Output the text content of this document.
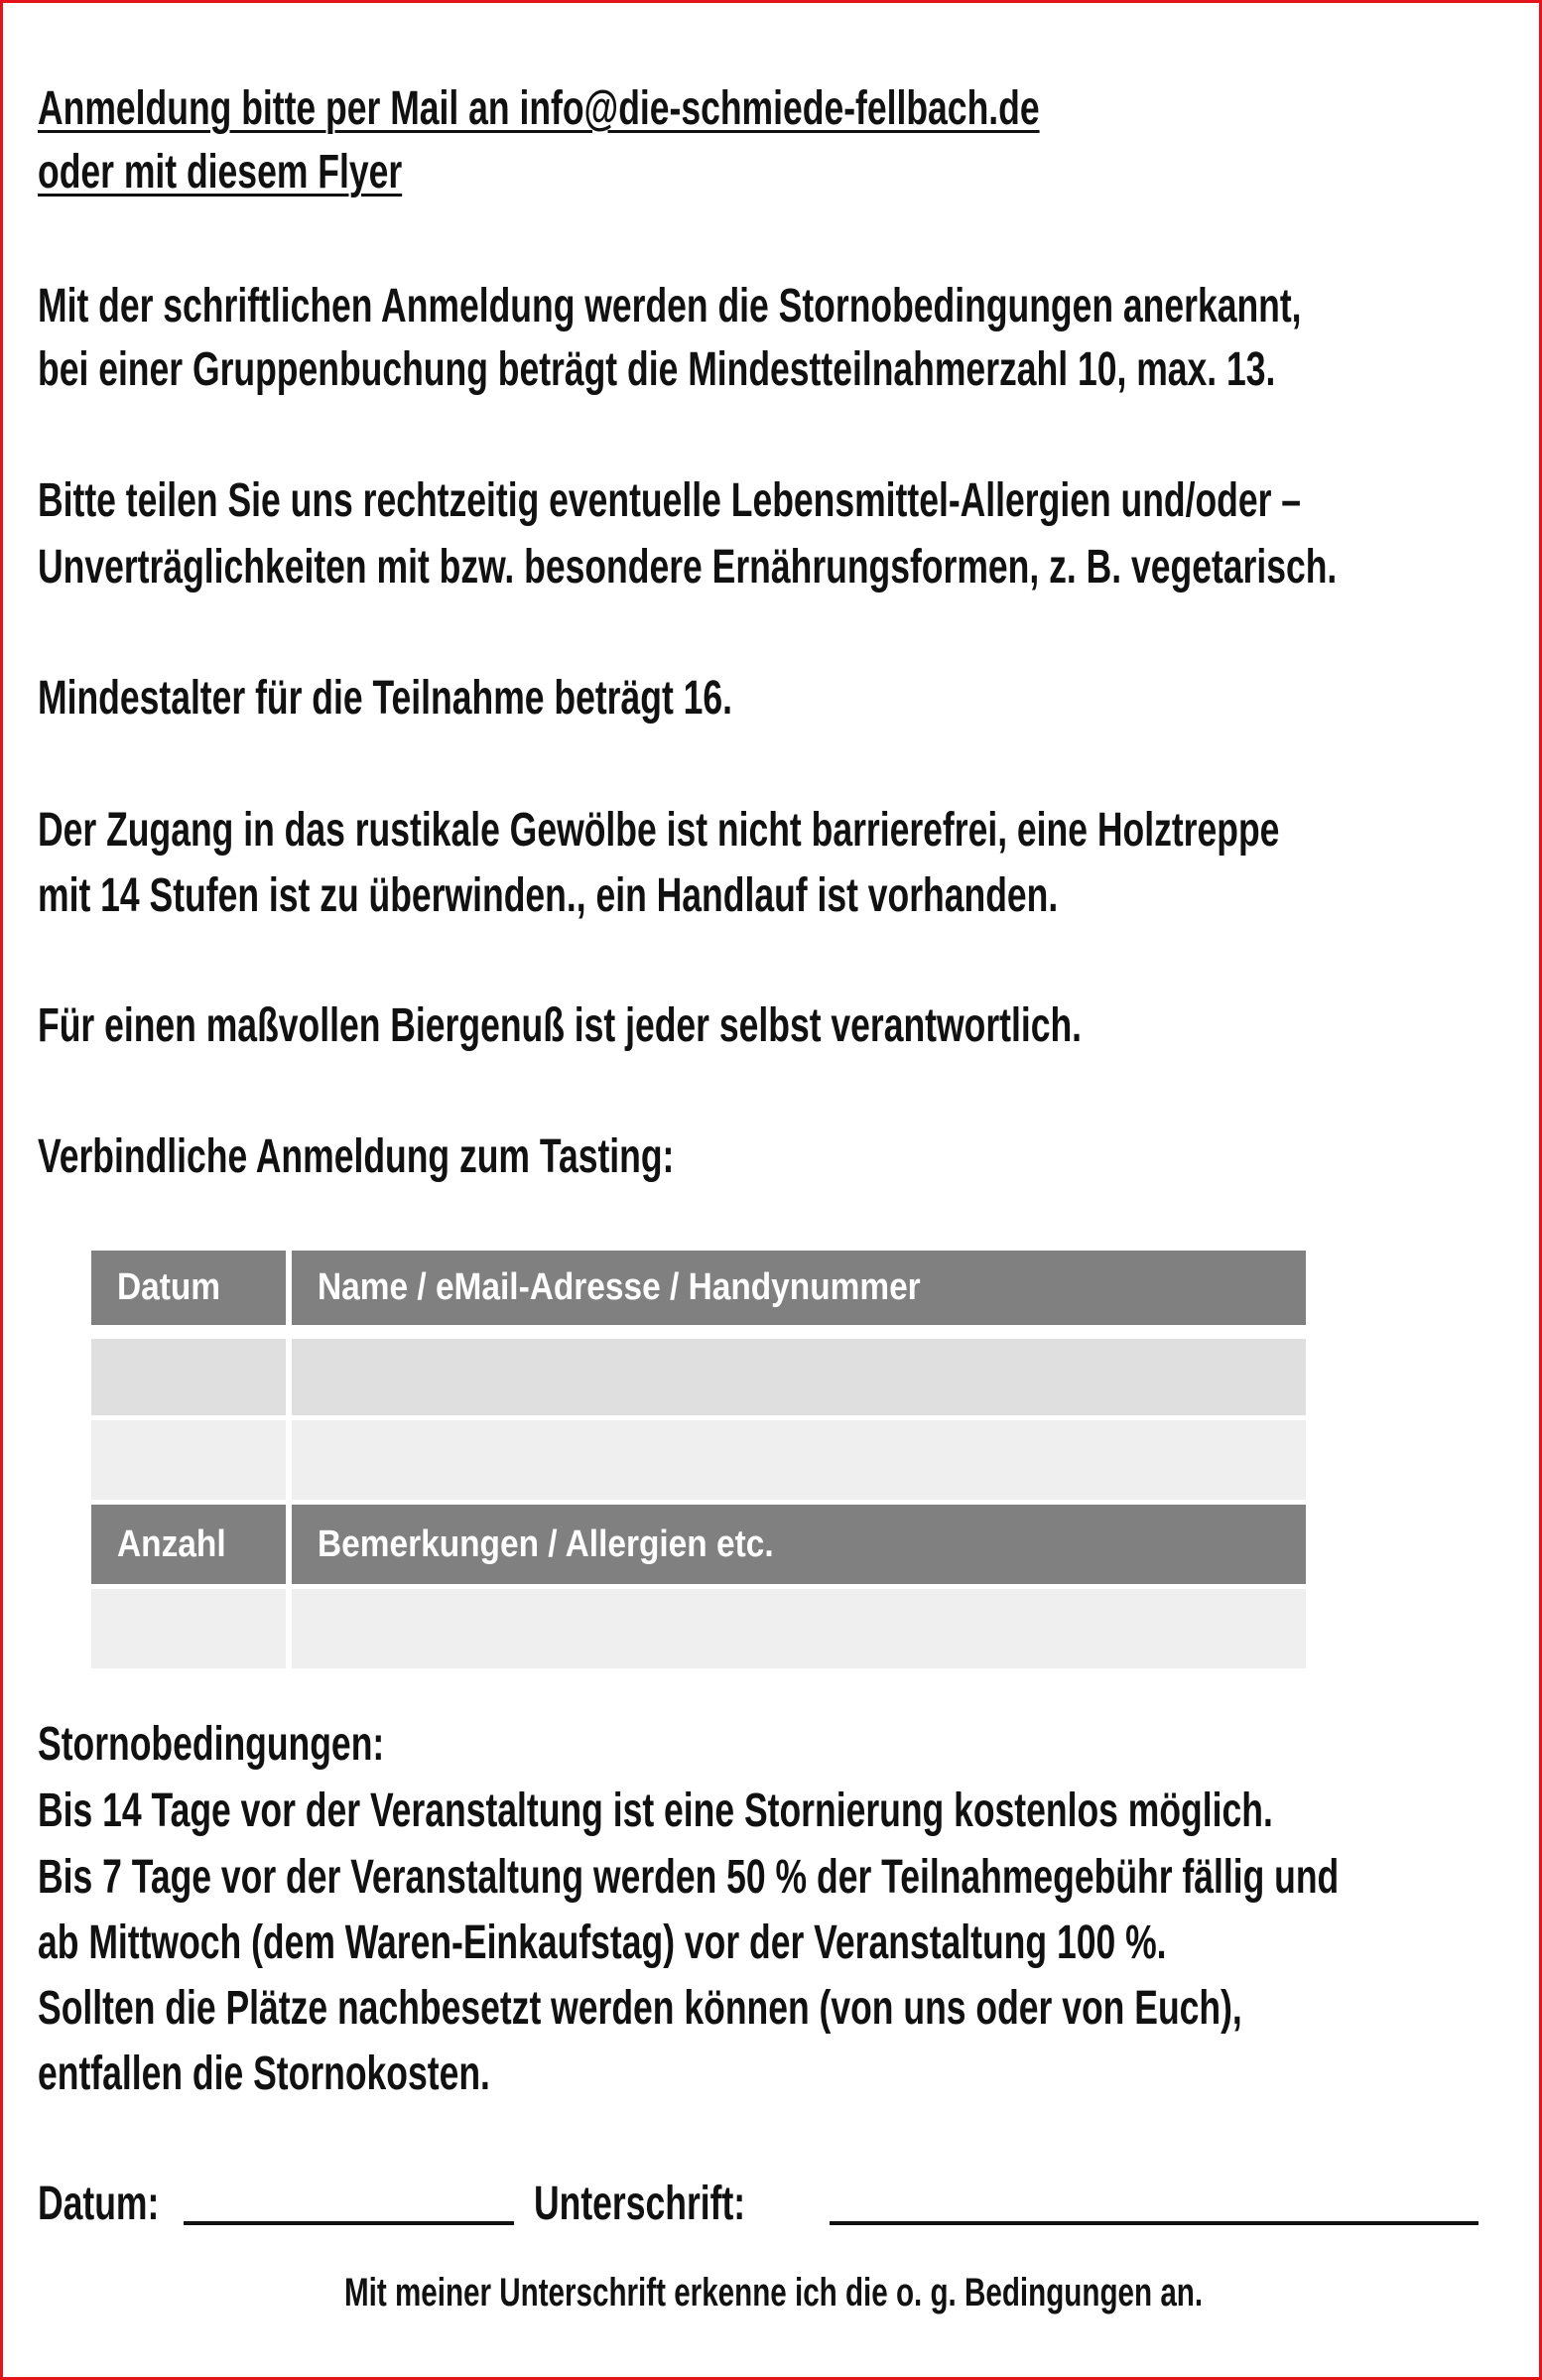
Anmeldung bitte per Mail an info@die-schmiede-fellbach.de
oder mit diesem Flyer
Mit der schriftlichen Anmeldung werden die Stornobedingungen anerkannt,
bei einer Gruppenbuchung beträgt die Mindestteilnahmerzahl 10, max. 13.
Bitte teilen Sie uns rechtzeitig eventuelle Lebensmittel-Allergien und/oder –
Unverträglichkeiten mit bzw. besondere Ernährungsformen, z. B. vegetarisch.
Mindestalter für die Teilnahme beträgt 16.
Der Zugang in das rustikale Gewölbe ist nicht barrierefrei, eine Holztreppe
mit 14 Stufen ist zu überwinden., ein Handlauf ist vorhanden.
Für einen maßvollen Biergenuß ist jeder selbst verantwortlich.
Verbindliche Anmeldung zum Tasting:
Datum	Name / eMail-Adresse / Handynummer
Anzahl Bemerkungen / Allergien etc.
Stornobedingungen:
Bis 14 Tage vor der Veranstaltung ist eine Stornierung kostenlos möglich.
Bis 7 Tage vor der Veranstaltung werden 50 % der Teilnahmegebühr fällig und
ab Mittwoch (dem Waren-Einkaufstag) vor der Veranstaltung 100 %.
Sollten die Plätze nachbesetzt werden können (von uns oder von Euch),
entfallen die Stornokosten.
Datum:	Unterschrift:
Mit meiner Unterschrift erkenne ich die o. g. Bedingungen an.
